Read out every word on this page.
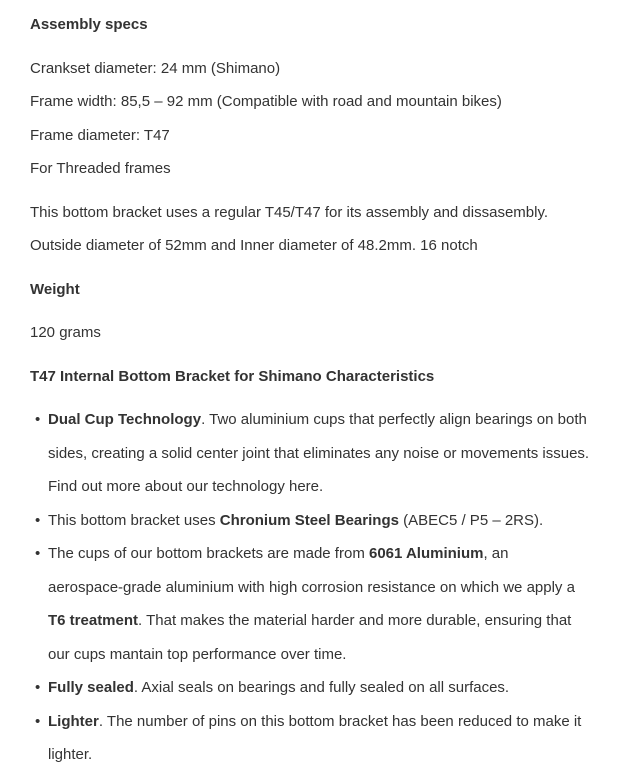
Assembly specs

Crankset diameter: 24 mm (Shimano)

Frame width: 85,5 – 92 mm (Compatible with road and mountain bikes)

Frame diameter: T47

For Threaded frames

This bottom bracket uses a regular T45/T47 for its assembly and dissasembly. Outside diameter of 52mm and Inner diameter of 48.2mm. 16 notch

Weight

120 grams

T47 Internal Bottom Bracket for Shimano Characteristics

• Dual Cup Technology. Two aluminium cups that perfectly align bearings on both sides, creating a solid center joint that eliminates any noise or movements issues. Find out more about our technology here.
• This bottom bracket uses Chronium Steel Bearings (ABEC5 / P5 – 2RS).
• The cups of our bottom brackets are made from 6061 Aluminium, an  aerospace-grade aluminium with high corrosion resistance on which we apply a T6 treatment. That makes the material harder and more durable, ensuring that our cups mantain top performance over time.
• Fully sealed. Axial seals on bearings and fully sealed on all surfaces.
• Lighter. The number of pins on this bottom bracket has been reduced to make it lighter.
